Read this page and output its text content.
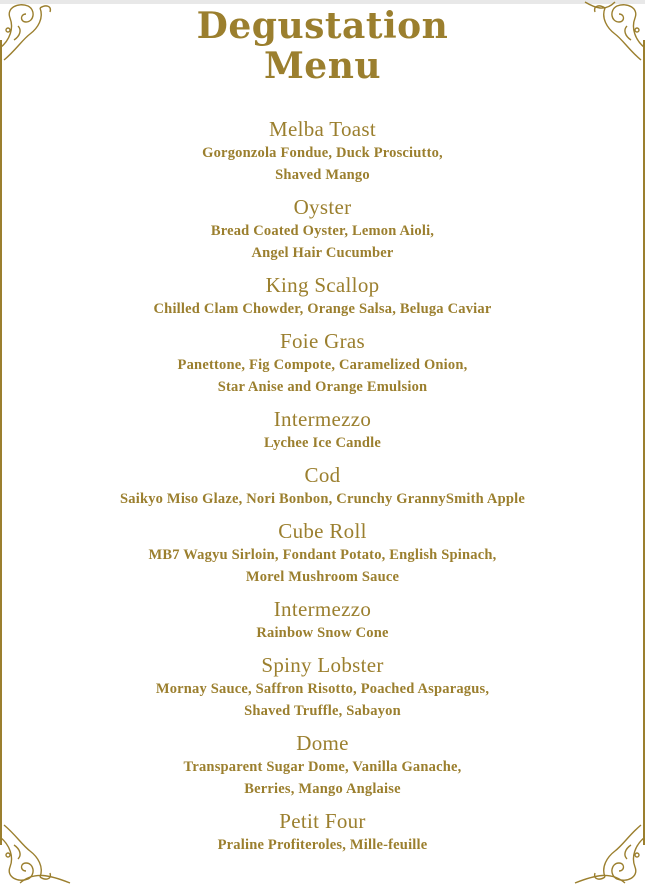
Degustation
Menu
Melba Toast
Gorgonzola Fondue, Duck Prosciutto,
Shaved Mango
Oyster
Bread Coated Oyster, Lemon Aioli,
Angel Hair Cucumber
King Scallop
Chilled Clam Chowder, Orange Salsa, Beluga Caviar
Foie Gras
Panettone, Fig Compote, Caramelized Onion,
Star Anise and Orange Emulsion
Intermezzo
Lychee Ice Candle
Cod
Saikyo Miso Glaze, Nori Bonbon, Crunchy GrannySmith Apple
Cube Roll
MB7 Wagyu Sirloin, Fondant Potato, English Spinach,
Morel Mushroom Sauce
Intermezzo
Rainbow Snow Cone
Spiny Lobster
Mornay Sauce, Saffron Risotto, Poached Asparagus,
Shaved Truffle, Sabayon
Dome
Transparent Sugar Dome, Vanilla Ganache,
Berries, Mango Anglaise
Petit Four
Praline Profiteroles, Mille-feuille
